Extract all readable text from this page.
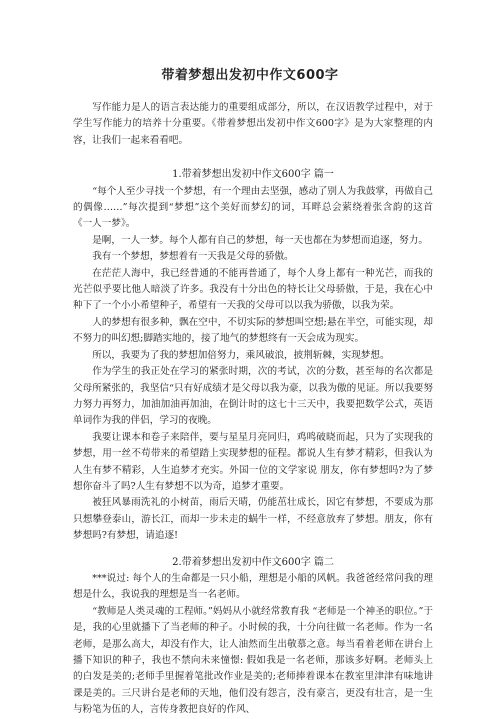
带着梦想出发初中作文600字

写作能力是人的语言表达能力的重要组成部分，所以，在汉语教学过程中，对于学生写作能力的培养十分重要。《带着梦想出发初中作文600字》是为大家整理的内容，让我们一起来看看吧。

1.带着梦想出发初中作文600字 篇一

“每个人至少寻找一个梦想，有一个理由去坚强，感动了别人为我鼓掌，再做自己的偶像……”每次提到“梦想”这个美好而梦幻的词，耳畔总会萦绕着张含韵的这首《一人一梦》。

是啊，一人一梦。每个人都有自己的梦想，每一天也都在为梦想而追逐，努力。

我有一个梦想，梦想着有一天我是父母的骄傲。

在茫茫人海中，我已经普通的不能再普通了，每个人身上都有一种光芒，而我的光芒似乎要比他人暗淡了许多。我没有十分出色的特长让父母骄傲，于是，我在心中种下了一个小小希望种子，希望有一天我的父母可以以我为骄傲，以我为荣。

人的梦想有很多种，飘在空中，不切实际的梦想叫空想;悬在半空，可能实现，却不努力的叫幻想;脚踏实地的，接了地气的梦想终有一天会成为现实。

所以，我要为了我的梦想加倍努力，乘风破浪，披荆斩棘，实现梦想。

作为学生的我正处在学习的紧张时期，次的考试，次的分数，甚至每的名次都是父母所紧张的，我坚信“只有好成绩才是父母以我为豪，以我为傲的见证。所以我要努力努力再努力，加油加油再加油，在倒计时的这七十三天中，我要把数学公式，英语单词作为我的伴侣，学习的夜晚。

我要让课本和卷子来陪伴，要与星星月亮同归，鸡鸣破晓而起，只为了实现我的梦想，用一丝不苟带来的希望踏上实现梦想的征程。都说人生有梦才精彩，但我认为人生有梦不精彩，人生追梦才充实。外国一位的文学家说 朋友，你有梦想吗?为了梦想你奋斗了吗?人生有梦想不以为奇，追梦才重要。

被狂风暴雨洗礼的小树苗，雨后天晴，仍能茁壮成长，因它有梦想，不要成为那只想攀登泰山，游长江，而却一步未走的蜗牛一样，不经意放弃了梦想。朋友，你有梦想吗?有梦想，请追逐!

2.带着梦想出发初中作文600字 篇二

***说过: 每个人的生命都是一只小船，理想是小船的风帆。我爸爸经常问我的理想是什么，我说我的理想是当一名老师。

“教师是人类灵魂的工程师。”妈妈从小就经常教育我 “老师是一个神圣的职位。”于是，我的心里就播下了当老师的种子。小时候的我，十分向往做一名老师。作为一名老师，是那么高大，却没有作大，让人油然而生出敬慕之意。每当看着老师在讲台上播下知识的种子，我也不禁向未来憧憬: 假如我是一名老师，那该多好啊。老师头上的白发是美的;老师手里握着笔批改作业是美的;老师捧着课本在教室里津津有味地讲课是美的。三尺讲台是老师的天地，他们没有怨言，没有豪言，更没有壮言，是一生与粉笔为伍的人，言传身教把良好的作风、
